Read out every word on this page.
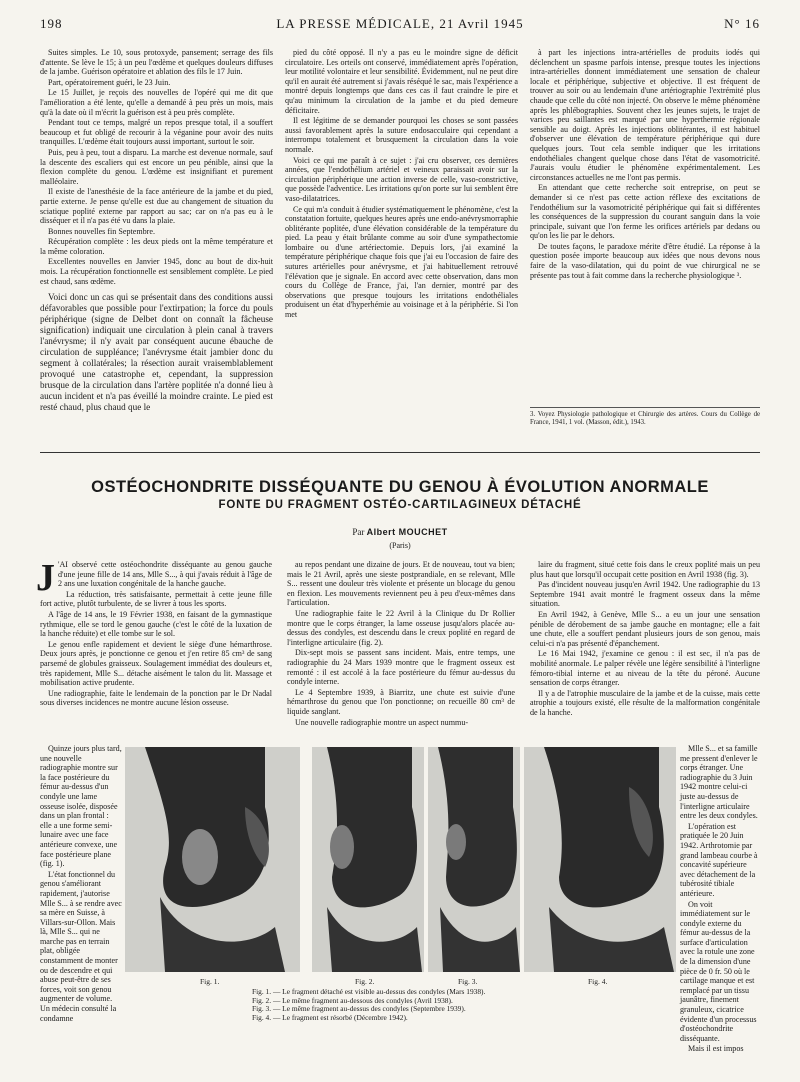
198	LA PRESSE MÉDICALE, 21 Avril 1945	N° 16

Suites simples. Le 10, sous protoxyde, pansement; serrage des fils d'attente. Se lève le 15; à un peu l'œdème et quelques douleurs diffuses de la jambe. Guérison opératoire et ablation des fils le 17 Juin.

Part, opératoirement guéri, le 23 Juin.

Le 15 Juillet, je reçois des nouvelles de l'opéré qui me dit que l'amélioration a été lente, qu'elle a demandé à peu près un mois, mais qu'à la date où il m'écrit la guérison est à peu près complète.

Pendant tout ce temps, malgré un repos presque total, il a souffert beaucoup et fut obligé de recourir à la véganine pour avoir des nuits tranquilles. L'œdème était toujours aussi important, surtout le soir.

Puis, peu à peu, tout a disparu. La marche est devenue normale, sauf la descente des escaliers qui est encore un peu pénible, ainsi que la flexion complète du genou. L'œdème est insignifiant et purement malléolaire.

Il existe de l'anesthésie de la face antérieure de la jambe et du pied, partie externe. Je pense qu'elle est due au changement de situation du sciatique poplité externe par rapport au sac; car on n'a pas eu à le disséquer et il n'a pas été vu dans la plaie.

Bonnes nouvelles fin Septembre.

Récupération complète : les deux pieds ont la même température et la même coloration.

Excellentes nouvelles en Janvier 1945, donc au bout de dix-huit mois. La récupération fonctionnelle est sensiblement complète. Le pied est chaud, sans œdème.

Voici donc un cas qui se présentait dans des conditions aussi défavorables que possible pour l'extirpation; la force du pouls périphérique (signe de Delbet dont on connaît la fâcheuse signification) indiquait une circulation à plein canal à travers l'anévrysme; il n'y avait par conséquent aucune ébauche de circulation de suppléance; l'anévrysme était jambier donc du segment à collatérales; la résection aurait vraisemblablement provoqué une catastrophe et, cependant, la suppression brusque de la circulation dans l'artère poplitée n'a donné lieu à aucun incident et n'a pas éveillé la moindre crainte. Le pied est resté chaud, plus chaud que le

pied du côté opposé. Il n'y a pas eu le moindre signe de déficit circulatoire. Les orteils ont conservé, immédiatement après l'opération, leur motilité volontaire et leur sensibilité. Évidemment, nul ne peut dire qu'il en aurait été autrement si j'avais réséqué le sac, mais l'expérience a montré depuis longtemps que dans ces cas il faut craindre le pire et qu'au minimum la circulation de la jambe et du pied demeure déficitaire.

Il est légitime de se demander pourquoi les choses se sont passées aussi favorablement après la suture endosacculaire qui cependant a interrompu totalement et brusquement la circulation dans la voie normale.

Voici ce qui me paraît à ce sujet : j'ai cru observer, ces dernières années, que l'endothélium artériel et veineux paraissait avoir sur la circulation périphérique une action inverse de celle, vaso-constrictive, que possède l'adventice. Les irritations qu'on porte sur lui semblent être vaso-dilatatrices.

Ce qui m'a conduit à étudier systématiquement le phénomène, c'est la constatation fortuite, quelques heures après une endo-anévrysmorraphie oblitérante poplitée, d'une élévation considérable de la température du pied. La peau y était brûlante comme au soir d'une sympathectomie lombaire ou d'une artériectomie. Depuis lors, j'ai examiné la température périphérique chaque fois que j'ai eu l'occasion de faire des sutures artérielles pour anévrysme, et j'ai habituellement retrouvé l'élévation que je signale. En accord avec cette observation, dans mon cours du Collège de France, j'ai, l'an dernier, montré par des observations que presque toujours les irritations endothéliales produisent un état d'hyperhémie au voisinage et à la périphérie. Si l'on met

à part les injections intra-artérielles de produits iodés qui déclenchent un spasme parfois intense, presque toutes les injections intra-artérielles donnent immédiatement une sensation de chaleur locale et périphérique, subjective et objective. Il est fréquent de trouver au soir ou au lendemain d'une artériographie l'extrémité plus chaude que celle du côté non injecté. On observe le même phénomène après les phlébographies. Souvent chez les jeunes sujets, le trajet de varices peu saillantes est marqué par une hyperthermie régionale sensible au doigt. Après les injections oblitérantes, il est habituel d'observer une élévation de température périphérique qui dure quelques jours. Tout cela semble indiquer que les irritations endothéliales changent quelque chose dans l'état de vasomotricité. J'aurais voulu étudier le phénomène expérimentalement. Les circonstances actuelles ne me l'ont pas permis.

En attendant que cette recherche soit entreprise, on peut se demander si ce n'est pas cette action réflexe des excitations de l'endothélium sur la vasomotricité périphérique qui fait si différentes les conséquences de la suppression du courant sanguin dans la voie principale, suivant que l'on ferme les orifices artériels par dedans ou qu'on les lie par le dehors.

De toutes façons, le paradoxe mérite d'être étudié. La réponse à la question posée importe beaucoup aux idées que nous devons nous faire de la vaso-dilatation, qui du point de vue chirurgical ne se présente pas tout à fait comme dans la recherche physiologique ³.

3. Voyez Physiologie pathologique et Chirurgie des artères. Cours du Collège de France, 1941, 1 vol. (Masson, édit.), 1943.
OSTÉOCHONDRITE DISSÉQUANTE DU GENOU À ÉVOLUTION ANORMALE
FONTE DU FRAGMENT OSTÉO-CARTILAGINEUX DÉTACHÉ
Par Albert MOUCHET
(Paris)
J 'AI observé cette ostéochondrite disséquante au genou gauche d'une jeune fille de 14 ans, Mlle S..., à qui j'avais réduit à l'âge de 2 ans une luxation congénitale de la hanche gauche.

La réduction, très satisfaisante, permettait à cette jeune fille fort active, plutôt turbulente, de se livrer à tous les sports.

A l'âge de 14 ans, le 19 Février 1938, en faisant de la gymnastique rythmique, elle se tord le genou gauche (c'est le côté de la luxation de la hanche réduite) et elle tombe sur le sol.

Le genou enfle rapidement et devient le siège d'une hémarthrose. Deux jours après, je ponctionne ce genou et j'en retire 85 cm³ de sang parsemé de globules graisseux. Soulagement immédiat des douleurs et, très rapidement, Mlle S... détache aisément le talon du lit. Massage et mobilisation active prudente.

Une radiographie, faite le lendemain de la ponction par le Dr Nadal sous diverses incidences ne montre aucune lésion osseuse.

Quinze jours plus tard, une nouvelle radiographie montre sur la face postérieure du fémur au-dessus d'un condyle une lame osseuse isolée, disposée dans un plan frontal : elle a une forme semi-lunaire avec une face antérieure convexe, une face postérieure plane (fig. 1).

L'état fonctionnel du genou s'améliorant rapidement, j'autorise Mlle S... à se rendre avec sa mère en Suisse, à Villars-sur-Ollon. Mais là, Mlle S... qui ne marche pas en terrain plat, obligée constamment de monter ou de descendre et qui abuse peut-être de ses forces, voit son genou augmenter de volume. Un médecin consulté la condamne

au repos pendant une dizaine de jours. Et de nouveau, tout va bien; mais le 21 Avril, après une sieste postprandiale, en se relevant, Mlle S... ressent une douleur très violente et présente un blocage du genou en flexion. Les mouvements reviennent peu à peu d'eux-mêmes dans l'articulation.

Une radiographie faite le 22 Avril à la Clinique du Dr Rollier montre que le corps étranger, la lame osseuse jusqu'alors placée au-dessus des condyles, est descendu dans le creux poplité en regard de l'interligne articulaire (fig. 2).

Dix-sept mois se passent sans incident. Mais, entre temps, une radiographie du 24 Mars 1939 montre que le fragment osseux est remonté : il est accolé à la face postérieure du fémur au-dessus du condyle interne.

Le 4 Septembre 1939, à Biarritz, une chute est suivie d'une hémarthrose du genou que l'on ponctionne; on recueille 80 cm³ de liquide sanglant.

Une nouvelle radiographie montre un aspect nummu-

laire du fragment, situé cette fois dans le creux poplité mais un peu plus haut que lorsqu'il occupait cette position en Avril 1938 (fig. 3).

Pas d'incident nouveau jusqu'en Avril 1942. Une radiographie du 13 Septembre 1941 avait montré le fragment osseux dans la même situation.

En Avril 1942, à Genève, Mlle S... a eu un jour une sensation pénible de dérobement de sa jambe gauche en montagne; elle a fait une chute, elle a souffert pendant plusieurs jours de son genou, mais celui-ci n'a pas présenté d'épanchement.

Le 16 Mai 1942, j'examine ce genou : il est sec, il n'a pas de mobilité anormale. Le palper révèle une légère sensibilité à l'interligne fémoro-tibial interne et au niveau de la tête du péroné. Aucune sensation de corps étranger.

Il y a de l'atrophie musculaire de la jambe et de la cuisse, mais cette atrophie a toujours existé, elle résulte de la malformation congénitale de la hanche.

Mlle S... et sa famille me pressent d'enlever le corps étranger. Une radiographie du 3 Juin 1942 montre celui-ci juste au-dessus de l'interligne articulaire entre les deux condyles.

L'opération est pratiquée le 20 Juin 1942. Arthrotomie par grand lambeau courbe à concavité supérieure avec détachement de la tubérosité tibiale antérieure.

On voit immédiatement sur le condyle externe du fémur au-dessus de la surface d'articulation avec la rotule une zone de la dimension d'une pièce de 0 fr. 50 où le cartilage manque et est remplacé par un tissu jaunâtre, finement granuleux, cicatrice évidente d'un processus d'ostéochondrite disséquante.

Mais il est impos

Fig. 1.	Fig. 2.	Fig. 3.	Fig. 4.
Fig. 1. — Le fragment détaché est visible au-dessus des condyles (Mars 1938).
Fig. 2. — Le même fragment au-dessous des condyles (Avril 1938).
Fig. 3. — Le même fragment au-dessus des condyles (Septembre 1939).
Fig. 4. — Le fragment est résorbé (Décembre 1942).
